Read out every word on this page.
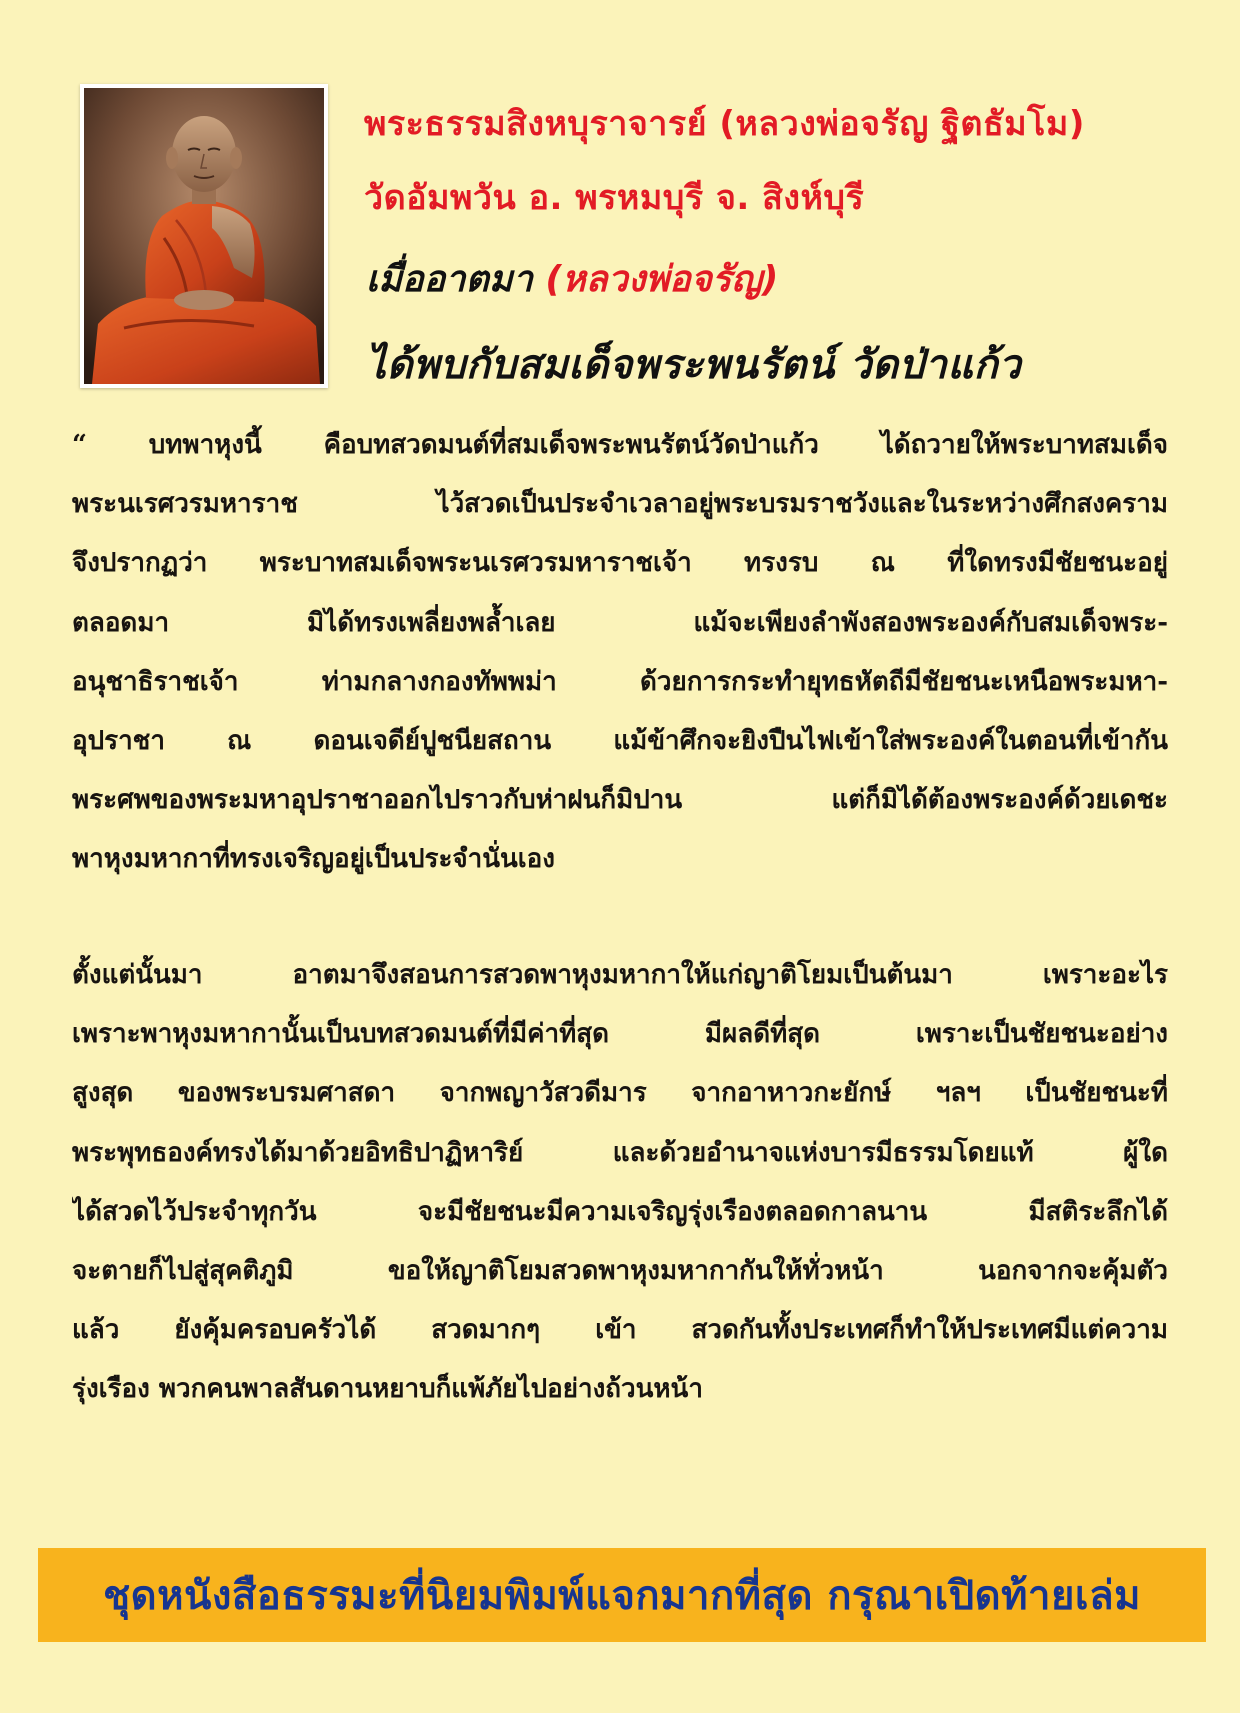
พระธรรมสิงหบุราจารย์ (หลวงพ่อจรัญ ฐิตธัมโม)
วัดอัมพวัน อ. พรหมบุรี จ. สิงห์บุรี
เมื่ออาตมา (หลวงพ่อจรัญ)
ได้พบกับสมเด็จพระพนรัตน์ วัดป่าแก้ว
“ บทพาหุงนี้ คือบทสวดมนต์ที่สมเด็จพระพนรัตน์วัดป่าแก้ว ได้ถวายให้พระบาทสมเด็จ
พระนเรศวรมหาราช ไว้สวดเป็นประจำเวลาอยู่พระบรมราชวังและในระหว่างศึกสงคราม
จึงปรากฏว่า พระบาทสมเด็จพระนเรศวรมหาราชเจ้า ทรงรบ ณ ที่ใดทรงมีชัยชนะอยู่
ตลอดมา มิได้ทรงเพลี่ยงพล้ำเลย แม้จะเพียงลำพังสองพระองค์กับสมเด็จพระ-
อนุชาธิราชเจ้า ท่ามกลางกองทัพพม่า ด้วยการกระทำยุทธหัตถีมีชัยชนะเหนือพระมหา-
อุปราชา ณ ดอนเจดีย์ปูชนียสถาน แม้ข้าศึกจะยิงปืนไฟเข้าใส่พระองค์ในตอนที่เข้ากัน
พระศพของพระมหาอุปราชาออกไปราวกับห่าฝนก็มิปาน แต่ก็มิได้ต้องพระองค์ด้วยเดชะ
พาหุงมหากาที่ทรงเจริญอยู่เป็นประจำนั่นเอง
ตั้งแต่นั้นมา อาตมาจึงสอนการสวดพาหุงมหากาให้แก่ญาติโยมเป็นต้นมา เพราะอะไร
เพราะพาหุงมหากานั้นเป็นบทสวดมนต์ที่มีค่าที่สุด มีผลดีที่สุด เพราะเป็นชัยชนะอย่าง
สูงสุด ของพระบรมศาสดา จากพญาวัสวดีมาร จากอาหาวกะยักษ์ ฯลฯ เป็นชัยชนะที่
พระพุทธองค์ทรงได้มาด้วยอิทธิปาฏิหาริย์ และด้วยอำนาจแห่งบารมีธรรมโดยแท้ ผู้ใด
ได้สวดไว้ประจำทุกวัน จะมีชัยชนะมีความเจริญรุ่งเรืองตลอดกาลนาน มีสติระลึกได้
จะตายก็ไปสู่สุคติภูมิ ขอให้ญาติโยมสวดพาหุงมหากากันให้ทั่วหน้า นอกจากจะคุ้มตัว
แล้ว ยังคุ้มครอบครัวได้ สวดมากๆ เข้า สวดกันทั้งประเทศก็ทำให้ประเทศมีแต่ความ
รุ่งเรือง พวกคนพาลสันดานหยาบก็แพ้ภัยไปอย่างถ้วนหน้า
ชุดหนังสือธรรมะที่นิยมพิมพ์แจกมากที่สุด กรุณาเปิดท้ายเล่ม
